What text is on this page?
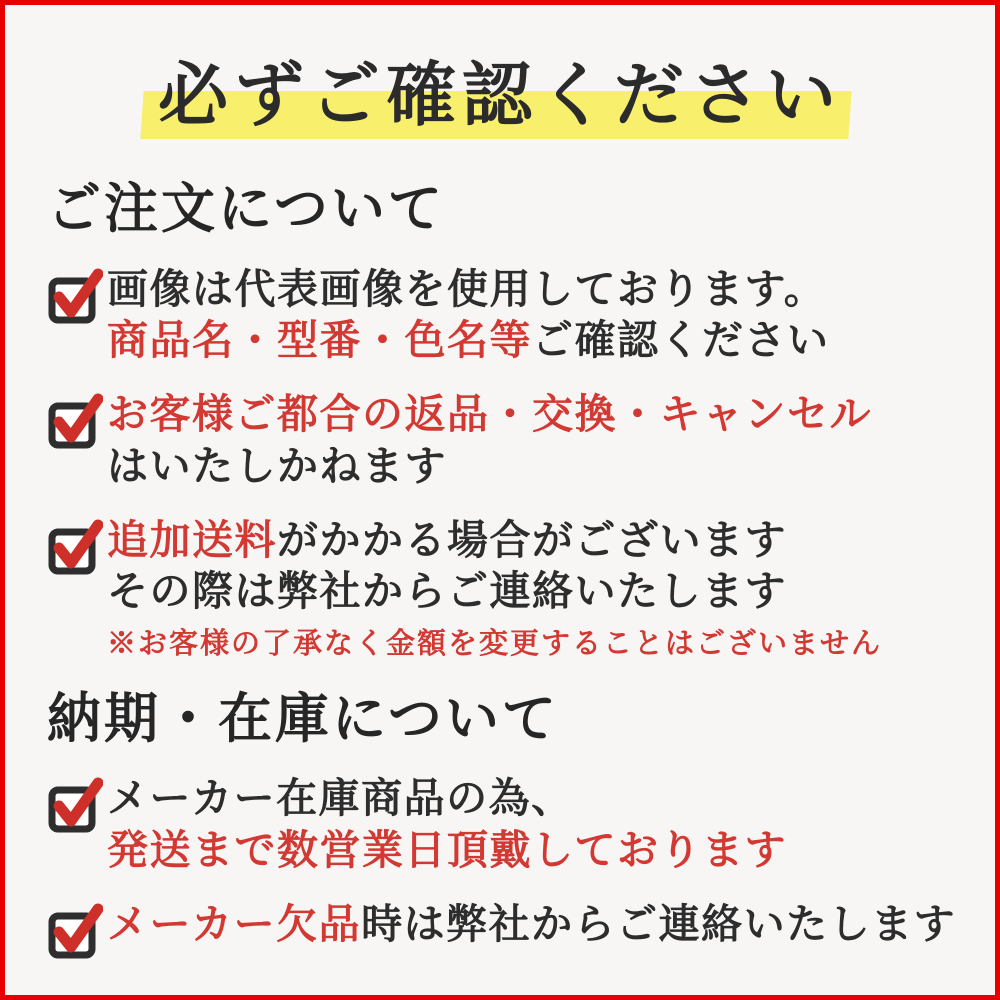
必ずご確認ください
ご注文について

画像は代表画像を使用しております。
商品名・型番・色名等ご確認ください

お客様ご都合の返品・交換・キャンセル
はいたしかねます

追加送料がかかる場合がございます
その際は弊社からご連絡いたします

※お客様の了承なく金額を変更することはございません

納期・在庫について

メーカー在庫商品の為、
発送まで数営業日頂戴しております

メーカー欠品時は弊社からご連絡いたします
